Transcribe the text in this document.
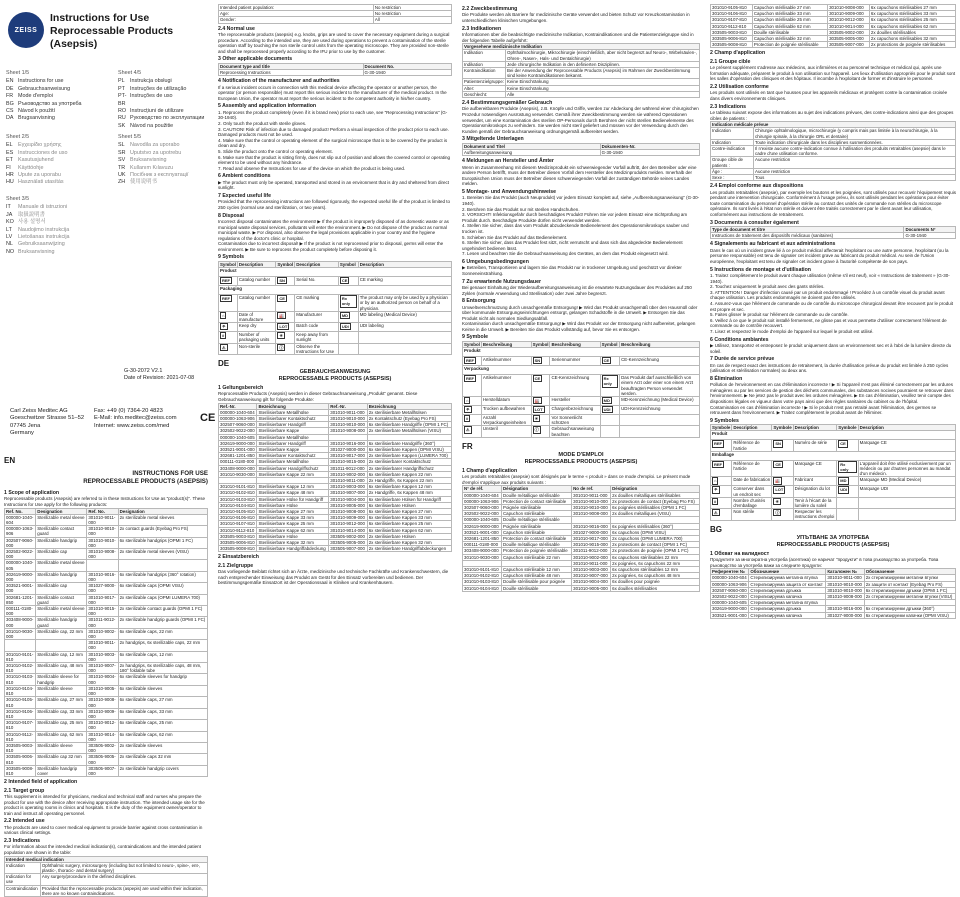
ZEISS
Instructions for Use Reprocessable Products (Asepsis)
Sheet 1/5
EN Instructions for use
DE Gebrauchsanweisung
FR Mode d'emploi
BG Ръководство за употреба
CS Návod k použití
DA Brugsanvisning
Sheet 4/5
PL	Instrukcja obsługi
PT Instruções de utilização
PT-BR
Instruções de uso
RO Instrucțiuni de utilizare
RU Руководство по эксплуатации
SK Návod na použitie
Sheet 2/5
EL	Εγχειρίδιο χρήσης
ES Instrucciones de uso
ET Kasutusjuhend
FI	Käyttöohje
HR Upute za uporabu
HU Használati utasítás
Sheet 5/5
SL	Navodila za uporabo
SR Uputstvo za upotrebu
SV Bruksanvisning
TR Kullanım Kılavuzu
UK Посібник з експлуатації
ZH 使用说明书
Sheet 3/5
IT	Manuale di istruzioni
JA	取扱説明書
KO 사용 설명서
LT	Naudojimo instrukcija
LV	Lietošanas instrukcija
NL Gebruiksaanwijzing
NO Bruksanvisning
G-30-2072 V2.1
Date of Revision: 2021-07-08
Carl Zeiss Meditec AG
Goeschwitzer Strasse 51–52
07745 Jena
Germany
Fax: +49 (0) 7364-20 4823
E-Mail: info.meditec@zeiss.com
Internet: www.zeiss.com/med
CE
EN
INSTRUCTIONS FOR USE
REPROCESSABLE PRODUCTS (ASEPSIS)
1 Scope of application
Reprocessable products (Asepsis) are referred to in these Instructions for Use as "product(s)". These Instructions for Use apply for the following products:
Ref. No.	Designation	Ref. No.	Designation
000000-1040-604	Sterilizable metal sleeve	301010-9011-000	2x sterilizable metal sleeves
000000-1063-906	Sterilizable contact guard	301010-9010-000	2x contact guards (Eyebag Pro FS)
302507-9060-000	Sterilizable handgrip	301010-9010-000	6x sterilizable handgrips (OPMI 1 FC)
302502-9022-000	Sterilizable cap	301010-9008-000	2x sterilizable metal sleeves (VISU)
000000-1040-605	Sterilizable metal sleeve		
302619-9000-000	Sterilizable handgrip	301010-9016-000	6x sterilizable handgrips (360° rotation)
303521-9001-000	Sterilizable cap	301027-9000-000	6x sterilizable caps (OPMI VISU)
302681-1201-850	Sterilizable contact guard	301010-9017-000	2x sterilizable caps (OPMI LUMERA 700)
000111-0180-000	Sterilizable metal sleeve	301010-9015-000	2x sterilizable contact guards (OPMI 1 FC)
303408-9000-000	Sterilizable handgrip guard	301011-9012-000	2x sterilizable handgrip guards (OPMI 1 FC)
301010-9030-000	Sterilizable cap, 22 mm	301010-9002-000	6x sterilizable caps, 22 mm
		301010-9011-000	2x handgrips, 6x sterilizable caps, 22 mm
301010-9101-810	Sterilizable cap, 12 mm	301010-9003-000	6x sterilizable caps, 12 mm
301010-9102-810	Sterilizable cap, 48 mm	301010-9007-000	2x handgrips, 6x sterilizable caps, 48 mm, 180° foldable tube
301010-9103-810	Sterilizable sleeve for handgrip	301010-9004-000	6x sterilizable sleeves for handgrip
301010-9104-810	Sterilizable sleeve	301010-9005-000	6x sterilizable sleeves
301010-9105-810	Sterilizable cap, 27 mm	301010-9008-000	6x sterilizable caps, 27 mm
301010-9106-810	Sterilizable cap, 33 mm	301010-9009-000	6x sterilizable caps, 33 mm
301010-9107-810	Sterilizable cap, 25 mm	301010-9012-000	6x sterilizable caps, 25 mm
301010-9112-810	Sterilizable cap, 62 mm	301010-9014-000	6x sterilizable caps, 62 mm
303505-9003-810	Sterilizable sleeve	303505-9002-000	2x sterilizable sleeves
303505-9006-810	Sterilizable cap 32 mm	303505-9005-000	2x sterilizable caps 32 mm
303505-9008-810	Sterilizable handgrip cover	303505-9007-000	2x sterilizable handgrip covers
2 Intended field of application
2.1 Target group
This supplement is intended for physicians, medical and technical staff and nurses who prepare the product for use with the device after receiving appropriate instruction. The intended usage site for the product is operating rooms in clinics and hospitals. It is the duty of the equipment owner/operator to train and instruct all operating personnel.
2.2 Intended use
The products are used to cover medical equipment to provide barrier against cross contamination in various clinical settings.
2.3 Indications
For information about the intended medical indication(s), contraindications and the intended patient population are shown in the table:
Intended medical indication	
Indication	Ophthalmic surgery, microsurgery (including but not limited to neuro-, spine-, ent-, plastic-, thoracic- and dental surgery)
Indication for use	Any surgery/procedure in the defined disciplines.
Contraindication	Provided that the reprocessable products (aspepis) are used within their indication, there are no known contraindications.
Intended patient population:	No restriction
Age:	No restriction
Gender:	All
2.4 Normal use
The reprocessable products (asepsis) e.g. knobs, grips are used to cover the necessary equipment during a surgical procedure. According to the intended use, they are used during operations to prevent a contamination of the sterile operation staff by touching the non sterile control units from the operating microscope. They are provided non-sterile and shall be reprocessed properly according to the IFU prior to use by the customer.
3 Other applicable documents
Document type and title	Document No.
Reprocessing Instructions	G-30-1940
4 Notification of the manufacturer and authorities
If a serious incident occurs in connection with this medical device affecting the operator or another person, the operator (or person responsible) must report this serious incident to the manufacturer of the medical product. In the European Union, the operator must report the serious incident to the competent authority in his/her country.
5 Assembly and application information
1. Reprocess the product completely (even if it is brand new) prior to each use, see "Reprocessing Instructions" (G-30-1940).
2. Only touch the product with sterile gloves.
3. CAUTION! Risk of infection due to damaged product! Perform a visual inspection of the product prior to each use. Damaged products must not be used.
4. Make sure that the control or operating element of the surgical microscope that is to be covered by the product is clean and dry.
5. Slide the product onto the control or operating element.
6. Make sure that the product is sitting firmly, does not slip out of position and allows the covered control or operating element to be used without any hindrance.
7. Read and observe the Instructions for use of the device on which the product is being used.
6 Ambient conditions
▶ The product must only be operated, transported and stored in an environment that is dry and sheltered from direct sunlight.
7 Expected useful life
Provided that the reprocessing instructions are followed rigorously, the expected useful life of the product is limited to 250 cycles (normal use and sterilization, or two years).
8 Disposal
Incorrect disposal contaminates the environment! ▶ If the product is improperly disposed of as domestic waste or as municipal waste disposal services, pollutants will enter the environment. ▶ Do not dispose of the product as normal municipal waste. ▶ For disposal, also observe the legal provisions applicable in your country and the hygiene regulations of the doctor's clinic or hospital.
Contamination due to incorrect disposal! ▶ If the product is not reprocessed prior to disposal, germs will enter the environment. ▶ Be sure to reprocess the product completely before disposing it.
9 Symbols
Symbol	Description	Symbol	Description	Symbol	Description
Product					
REF	Catalog number	SN	Serial No.	CE	CE marking
Packaging					
REF	Catalog number	CE	CE marking	Rx only	The product may only be used by a physician or by an authorized person on behalf of a physician.
⌂	Date of manufacture	🏭	Manufacturer	MD	MD labeling (Medical Device)
☂	Keep dry	LOT	Batch code	UDI	UDI labeling
#	Number of packaging units	☀	Keep away from sunlight		
⚠	Non-sterile	ⓘ	Observe the Instructions for Use		
DE
GEBRAUCHSANWEISUNG
REPROCESSABLE PRODUCTS (ASEPSIS)
1 Geltungsbereich
Reprocessable Products (Asepsis) werden in dieser Gebrauchsanweisung „Produkt“ genannt. Diese Gebrauchsanweisung gilt für folgende Produkte:
Ref.-Nr.	Bezeichnung	Ref.-Nr.	Bezeichnung
000000-1040-604	Sterilisierbare Metallhülse	301010-9011-000	2x sterilisierbare Metallhülsen
000000-1063-906	Sterilisierbarer Kontaktschutz	301010-9010-000	2x Kontaktschutz (Eyebag Pro FS)
302507-9060-000	Sterilisierbarer Handgriff	301010-9010-000	6x sterilisierbare Handgriffe (OPMI 1 FC)
302502-9022-000	Sterilisierbare Kappe	301010-9008-000	2x sterilisierbare Metallhülsen (VISU)
000000-1040-605	Sterilisierbare Metallhülse		
302619-9000-000	Sterilisierbarer Handgriff	301010-9016-000	6x sterilisierbare Handgriffe (360°)
303521-9001-000	Sterilisierbare Kappe	301027-9000-000	6x sterilisierbare Kappen (OPMI VISU)
302681-1201-850	Sterilisierbarer Kontaktschutz	301010-9017-000	2x sterilisierbare Kappen (LUMERA 700)
000111-0180-000	Sterilisierbare Metallhülse	301010-9015-000	2x sterilisierbarer Kontaktschutz
303408-9000-000	Sterilisierbarer Handgriffschutz	301011-9012-000	2x sterilisierbarer Handgriffschutz
301010-9030-000	Sterilisierbare Kappe 22 mm	301010-9002-000	6x sterilisierbare Kappen 22 mm
		301010-9011-000	2x Handgriffe, 6x Kappen 22 mm
301010-9101-810	Sterilisierbare Kappe 12 mm	301010-9003-000	6x sterilisierbare Kappen 12 mm
301010-9102-810	Sterilisierbare Kappe 48 mm	301010-9007-000	2x Handgriffe, 6x Kappen 48 mm
301010-9103-810	Sterilisierbare Hülse für Handgriff	301010-9004-000	6x sterilisierbare Hülsen für Handgriff
301010-9104-810	Sterilisierbare Hülse	301010-9005-000	6x sterilisierbare Hülsen
301010-9105-810	Sterilisierbare Kappe 27 mm	301010-9008-000	6x sterilisierbare Kappen 27 mm
301010-9106-810	Sterilisierbare Kappe 33 mm	301010-9009-000	6x sterilisierbare Kappen 33 mm
301010-9107-810	Sterilisierbare Kappe 25 mm	301010-9012-000	6x sterilisierbare Kappen 25 mm
301010-9112-810	Sterilisierbare Kappe 62 mm	301010-9014-000	6x sterilisierbare Kappen 62 mm
303505-9003-810	Sterilisierbare Hülse	303505-9002-000	2x sterilisierbare Hülsen
303505-9006-810	Sterilisierbare Kappe 32 mm	303505-9005-000	2x sterilisierbare Kappen 32 mm
303505-9008-810	Sterilisierbare Handgriffabdeckung	303505-9007-000	2x sterilisierbare Handgriffabdeckungen
2 Einsatzbereich
2.1 Zielgruppe
Das vorliegende Beiblatt richtet sich an Ärzte, medizinische und technische Fachkräfte und Krankenschwestern, die nach entsprechender Einweisung das Produkt am Gerät für den Einsatz vorbereiten und bedienen. Der bestimmungsgemäße Einsatzort ist der Operationssaal in Kliniken und Krankenhäusern.
2.2 Zweckbestimmung
Die Produkte werden als Barriere für medizinische Geräte verwendet und bieten Schutz vor Kreuzkontamination in unterschiedlichen klinischen Umgebungen.
2.3 Indikationen
Informationen über die beabsichtigte medizinische Indikation, Kontraindikationen und die Patientenzielgruppe sind in der folgenden Tabelle aufgeführt:
Vorgesehene medizinische Indikation	
Indikation	Ophthalmochirurgie, Mikrochirurgie (einschließlich, aber nicht begrenzt auf Neuro-, Wirbelsäulen-, Ohren-, Nasen-, Hals- und Dentalchirurgie)
Indikation	Jede chirurgische Indikation in den definierten Disziplinen.
Kontraindikation	Bei der Anwendung der Reprocessable Products (Asepsis) im Rahmen der Zweckbestimmung sind keine Kontraindikationen bekannt.
Patientenzielgruppe:	Keine Einschränkung
Alter:	Keine Einschränkung
Geschlecht:	Alle
2.4 Bestimmungsgemäßer Gebrauch
Die aufbereitbaren Produkte (Asepsis), z.B. Knöpfe und Griffe, werden zur Abdeckung der während einer chirurgischen Prozedur notwendigen Ausrüstung verwendet. Gemäß ihrer Zweckbestimmung werden sie während Operationen verwendet, um eine Kontamination des sterilen OP-Personals durch Berühren der nicht sterilen Bedienelemente des Operationsmikroskops zu verhindern. Sie werden nicht steril geliefert und müssen vor der Verwendung durch den Kunden gemäß der Gebrauchsanweisung ordnungsgemäß aufbereitet werden.
3 Mitgeltende Unterlagen
Dokument und Titel	Dokumenten-Nr.
Aufbereitungsanweisung	G-30-1940
4 Meldungen an Hersteller und Ämter
Wenn im Zusammenhang mit diesem Medizinprodukt ein schwerwiegender Vorfall auftritt, der den Betreiber oder eine andere Person betrifft, muss der Betreiber diesen Vorfall dem Hersteller des Medizinprodukts melden. Innerhalb der Europäischen Union muss der Betreiber diesen schwerwiegenden Vorfall der zuständigen Behörde seines Landes melden.
5 Montage- und Anwendungshinweise
1. Bereiten Sie das Produkt (auch Neuprodukt) vor jedem Einsatz komplett auf, siehe „Aufbereitungsanweisung“ (G-30-1940).
2. Berühren Sie das Produkt nur mit sterilen Handschuhen.
3. VORSICHT! Infektionsgefahr durch beschädigtes Produkt! Führen Sie vor jedem Einsatz eine Sichtprüfung am Produkt durch. Beschädigte Produkte dürfen nicht verwendet werden.
4. Stellen Sie sicher, dass das vom Produkt abzudeckende Bedienelement des Operationsmikroskops sauber und trocken ist.
5. Schieben Sie das Produkt auf das Bedienelement.
6. Stellen Sie sicher, dass das Produkt fest sitzt, nicht verrutscht und dass sich das abgedeckte Bedienelement ungehindert bedienen lässt.
7. Lesen und beachten Sie die Gebrauchsanweisung des Gerätes, an dem das Produkt eingesetzt wird.
6 Umgebungsbedingungen
▶ Betreiben, Transportieren und lagern Sie das Produkt nur in trockener Umgebung und geschützt vor direkter Sonneneinstrahlung.
7 Zu erwartende Nutzungsdauer
Bei genauer Einhaltung der Wiederaufbereitungsanweisung ist die erwartete Nutzungsdauer des Produktes auf 250 Zyklen (normale Anwendung und Sterilisation) oder zwei Jahre begrenzt.
8 Entsorgung
Umweltverschmutzung durch unsachgemäße Entsorgung! ▶ Wird das Produkt unsachgemäß über den Hausmüll oder über kommunale Entsorgungseinrichtungen entsorgt, gelangen Schadstoffe in die Umwelt. ▶ Entsorgen Sie das Produkt nicht als normalen Siedlungsabfall.
Kontamination durch unsachgemäße Entsorgung! ▶ Wird das Produkt vor der Entsorgung nicht aufbereitet, gelangen Keime in die Umwelt. ▶ Bereiten Sie das Produkt vollständig auf, bevor Sie es entsorgen.
9 Symbole
Symbol	Beschreibung	Symbol	Beschreibung	Symbol	Beschreibung
Produkt					
REF	Artikelnummer	SN	Seriennummer	CE	CE-Kennzeichnung
Verpackung					
REF	Artikelnummer	CE	CE-Kennzeichnung	Rx only	Das Produkt darf ausschließlich von einem Arzt oder einer von einem Arzt beauftragten Person verwendet werden.
⌂	Herstelldatum	🏭	Hersteller	MD	MD-Kennzeichnung (Medical Device)
☂	Trocken aufbewahren	LOT	Chargenbezeichnung	UDI	UDI-Kennzeichnung
#	Anzahl Verpackungseinheiten	☀	Vor Sonnenlicht schützen		
⚠	Unsteril	ⓘ	Gebrauchsanweisung beachten		
FR
MODE D'EMPLOI
REPROCESSABLE PRODUCTS (ASEPSIS)
1 Champ d'application
Les produits retraitables (asepsie) sont désignés par le terme « produit » dans ce mode d'emploi. Le présent mode d'emploi s'applique aux produits suivants :
N° de réf.	Désignation	No de ref.	Désignation
000000-1040-604	Douille métallique stérilisable	301010-9011-000	2x douilles métalliques stérilisables
000000-1063-906	Protection de contact stérilisable	301010-9010-000	2x protections de contact (Eyebag Pro FS)
302507-9060-000	Poignée stérilisable	301010-9010-000	6x poignées stérilisables (OPMI 1 FC)
302502-9022-000	Capuchon stérilisable	301010-9008-000	2x douilles métalliques (VISU)
000000-1040-605	Douille métallique stérilisable		
302619-9000-000	Poignée stérilisable	301010-9016-000	6x poignées stérilisables (360°)
303521-9001-000	Capuchon stérilisable	301027-9000-000	6x capuchons (OPMI VISU)
302681-1201-850	Protection de contact stérilisable	301010-9017-000	2x capuchons (OPMI LUMERA 700)
000111-0180-000	Douille métallique stérilisable	301010-9015-000	2x protections de contact (OPMI 1 FC)
303408-9000-000	Protection de poignée stérilisable	301011-9012-000	2x protections de poignée (OPMI 1 FC)
301010-9030-000	Capuchon stérilisable 22 mm	301010-9002-000	6x capuchons stérilisables 22 mm
		301010-9011-000	2x poignées, 6x capuchons 22 mm
301010-9101-810	Capuchon stérilisable 12 mm	301010-9003-000	6x capuchons stérilisables 12 mm
301010-9102-810	Capuchon stérilisable 48 mm	301010-9007-000	2x poignées, 6x capuchons 48 mm
301010-9103-810	Douille stérilisable pour poignée	301010-9004-000	6x douilles pour poignée
301010-9104-810	Douille stérilisable	301010-9005-000	6x douilles stérilisables
301010-9105-810	Capuchon stérilisable 27 mm	301010-9008-000	6x capuchons stérilisables 27 mm
301010-9106-810	Capuchon stérilisable 33 mm	301010-9009-000	6x capuchons stérilisables 33 mm
301010-9107-810	Capuchon stérilisable 25 mm	301010-9012-000	6x capuchons stérilisables 25 mm
301010-9112-810	Capuchon stérilisable 62 mm	301010-9014-000	6x capuchons stérilisables 62 mm
303505-9003-810	Douille stérilisable	303505-9002-000	2x douilles stérilisables
303505-9006-810	Capuchon stérilisable 32 mm	303505-9005-000	2x capuchons stérilisables 32 mm
303505-9008-810	Protection de poignée stérilisable	303505-9007-000	2x protections de poignée stérilisables
2 Champ d'application
2.1 Groupe cible
Le présent supplément s'adresse aux médecins, aux infirmières et au personnel technique et médical qui, après une formation adéquate, préparent le produit à son utilisation sur l'appareil. Les lieux d'utilisation appropriés pour le produit sont les salles d'opération des cliniques et des hôpitaux. Il incombe à l'exploitant de former et d'instruire le personnel.
2.2 Utilisation conforme
Les produits sont utilisés en tant que housses pour les appareils médicaux et protègent contre la contamination croisée dans divers environnements cliniques.
2.3 Indications
Le tableau suivant expose des informations au sujet des indications prévues, des contre-indications ainsi que des groupes cibles de patients :
Indication médicale prévue	
Indication	Chirurgie ophtalmologique, microchirurgie (y compris mais pas limitée à la neurochirurgie, à la chirurgie spinale, à la chirurgie ORL et dentaire)
Indication	Toute indication chirurgicale dans les disciplines susmentionnées.
Contre-indication	Il n'existe aucune contre-indication connue à l'utilisation des produits retraitables (asepsie) dans le cadre d'une utilisation conforme.
Groupe cible de patients :	Aucune restriction
Âge :	Aucune restriction
Sexe :	Tous
2.4 Emploi conforme aux dispositions
Les produits retraitables (asepsie), par exemple les boutons et les poignées, sont utilisés pour recouvrir l'équipement requis pendant une intervention chirurgicale. Conformément à l'usage prévu, ils sont utilisés pendant les opérations pour éviter toute contamination du personnel d'opération stérile au contact des unités de commande non stériles du microscope opératoire. Ils sont livrés à l'état non stérile et doivent être traités correctement par le client avant leur utilisation, conformément aux instructions de retraitement.
3 Documents à consulter également
Type de document et titre	Documents N°
Instructions de traitement des dispositifs médicaux (sanitaires)	G-30-1940
4 Signalements au fabricant et aux administrations
Dans le cas où un incident grave lié à ce produit médical affecterait l'exploitant ou une autre personne, l'exploitant (ou la personne responsable) est tenu de signaler cet incident grave au fabricant du produit médical. Au sein de l'Union européenne, l'exploitant est tenu de signaler cet incident grave à l'autorité compétente de son pays.
5 Instructions de montage et d'utilisation
1. Traitez complètement le produit avant chaque utilisation (même s'il est neuf), voir « Instructions de traitement » (G-30-1940).
2. Touchez uniquement le produit avec des gants stériles.
3. ATTENTION ! Danger d'infection causé par un produit endommagé ! Procédez à un contrôle visuel du produit avant chaque utilisation. Les produits endommagés ne doivent pas être utilisés.
4. Assurez-vous que l'élément de commande ou de contrôle du microscope chirurgical devant être recouvert par le produit est propre et sec.
5. Faites glisser le produit sur l'élément de commande ou de contrôle.
6. Veillez à ce que le produit soit installé fermement, ne glisse pas et vous permette d'utiliser correctement l'élément de commande ou de contrôle recouvert.
7. Lisez et respectez le mode d'emploi de l'appareil sur lequel le produit est utilisé.
6 Conditions ambiantes
▶ Utilisez, transportez et entreposez le produit uniquement dans un environnement sec et à l'abri de la lumière directe du soleil.
7 Durée de service prévue
En cas de respect exact des instructions de retraitement, la durée d'utilisation prévue du produit est limitée à 250 cycles (utilisation et stérilisation normales) ou deux ans.
8 Élimination
Pollution de l'environnement en cas d'élimination incorrecte ! ▶ Si l'appareil n'est pas éliminé correctement par les ordures ménagères ou par les services de gestion des déchets communales, des substances nocives pourraient se retrouver dans l'environnement. ▶ Ne jetez pas le produit avec les ordures ménagères. ▶ En cas d'élimination, veuillez tenir compte des dispositions légales en vigueur dans votre pays ainsi que des règles sanitaires du cabinet ou de l'hôpital.
Contamination en cas d'élimination incorrecte ! ▶ Si le produit n'est pas retraité avant l'élimination, des germes se retrouvent dans l'environnement. ▶ Traitez complètement le produit avant de l'éliminer.
9 Symboles
Symbole	Description	Symbole	Description	Symbole	Description
Produit					
REF	Référence de l'article	SN	Numéro de série	CE	Marquage CE
Emballage					
REF	Référence de l'article	CE	Marquage CE	Rx only	L'appareil doit être utilisé exclusivement par un médecin ou par d'autres personnes au mandat d'un médecin.
⌂	Date de fabrication	🏭	Fabricant	MD	Marquage MD (Medical Device)
☂	Conserver dans un endroit sec	LOT	Désignation du lot	UDI	Marquage UDI
#	Nombre d'unités d'emballage	☀	Tenir à l'écart de la lumière du soleil		
⚠	Non stérile	ⓘ	Respecter les instructions d'emploi		
BG
УПЪТВАНЕ ЗА УПОТРЕБА
REPROCESSABLE PRODUCTS (ASEPSIS)
1 Обхват на валидност
Продуктите за многократна употреба (асептика) се наричат "продукти" в това ръководство за употреба. Това ръководство за употреба важи за следните продукти:
Референтен №	Обозначение	Каталожен №	Обозначение
000000-1040-604	Стерилизируема метална втулка	301010-9011-000	2x стерилизируеми метални втулки
000000-1063-906	Стерилизируема защита от контакт	301010-9010-000	2x защити от контакт (Eyebag Pro FS)
302507-9060-000	Стерилизируема дръжка	301010-9010-000	6x стерилизируеми дръжки (OPMI 1 FC)
302502-9022-000	Стерилизируема капачка	301010-9008-000	2x стерилизируеми метални втулки (VISU)
000000-1040-605	Стерилизируема метална втулка		
302619-9000-000	Стерилизируема дръжка	301010-9016-000	6x стерилизируеми дръжки (360°)
303521-9001-000	Стерилизируема капачка	301027-9000-000	6x стерилизируеми капачки (OPMI VISU)
